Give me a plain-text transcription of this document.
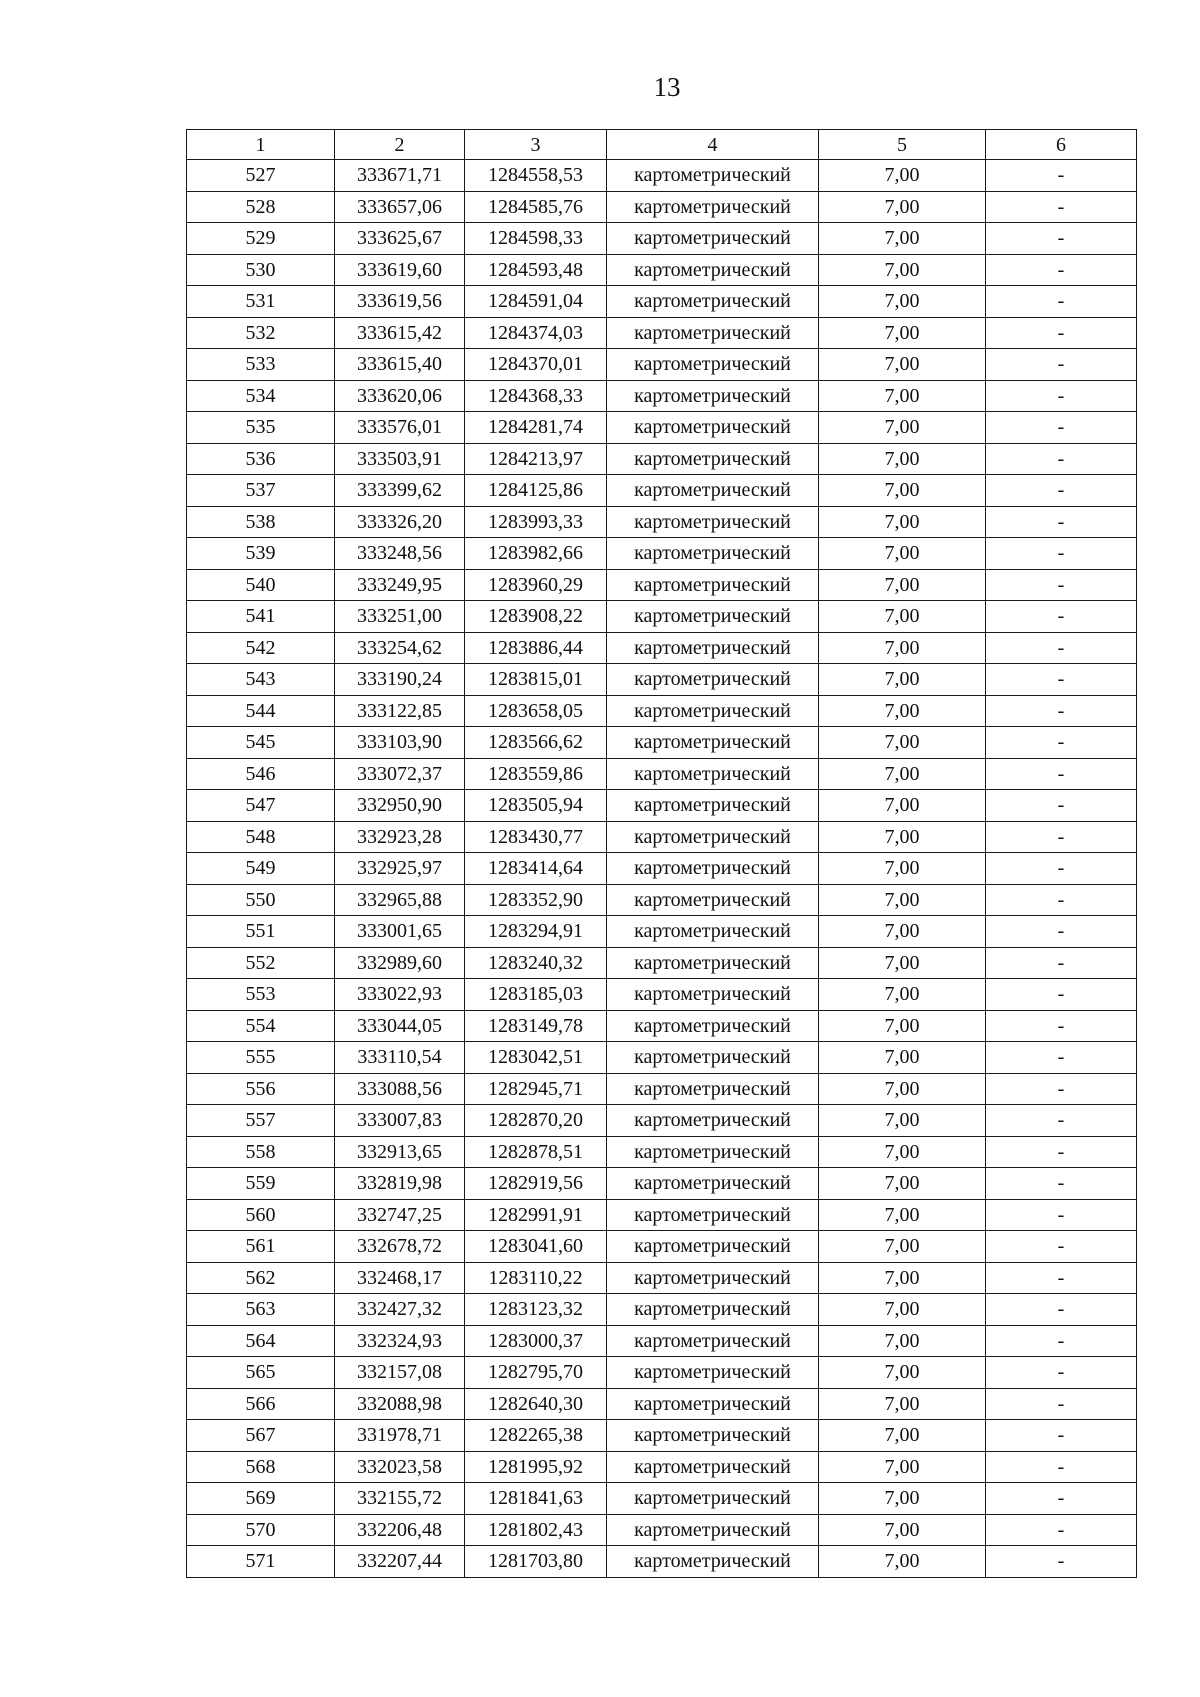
13
1	2	3	4	5	6
527	333671,71	1284558,53	картометрический	7,00	-
528	333657,06	1284585,76	картометрический	7,00	-
529	333625,67	1284598,33	картометрический	7,00	-
530	333619,60	1284593,48	картометрический	7,00	-
531	333619,56	1284591,04	картометрический	7,00	-
532	333615,42	1284374,03	картометрический	7,00	-
533	333615,40	1284370,01	картометрический	7,00	-
534	333620,06	1284368,33	картометрический	7,00	-
535	333576,01	1284281,74	картометрический	7,00	-
536	333503,91	1284213,97	картометрический	7,00	-
537	333399,62	1284125,86	картометрический	7,00	-
538	333326,20	1283993,33	картометрический	7,00	-
539	333248,56	1283982,66	картометрический	7,00	-
540	333249,95	1283960,29	картометрический	7,00	-
541	333251,00	1283908,22	картометрический	7,00	-
542	333254,62	1283886,44	картометрический	7,00	-
543	333190,24	1283815,01	картометрический	7,00	-
544	333122,85	1283658,05	картометрический	7,00	-
545	333103,90	1283566,62	картометрический	7,00	-
546	333072,37	1283559,86	картометрический	7,00	-
547	332950,90	1283505,94	картометрический	7,00	-
548	332923,28	1283430,77	картометрический	7,00	-
549	332925,97	1283414,64	картометрический	7,00	-
550	332965,88	1283352,90	картометрический	7,00	-
551	333001,65	1283294,91	картометрический	7,00	-
552	332989,60	1283240,32	картометрический	7,00	-
553	333022,93	1283185,03	картометрический	7,00	-
554	333044,05	1283149,78	картометрический	7,00	-
555	333110,54	1283042,51	картометрический	7,00	-
556	333088,56	1282945,71	картометрический	7,00	-
557	333007,83	1282870,20	картометрический	7,00	-
558	332913,65	1282878,51	картометрический	7,00	-
559	332819,98	1282919,56	картометрический	7,00	-
560	332747,25	1282991,91	картометрический	7,00	-
561	332678,72	1283041,60	картометрический	7,00	-
562	332468,17	1283110,22	картометрический	7,00	-
563	332427,32	1283123,32	картометрический	7,00	-
564	332324,93	1283000,37	картометрический	7,00	-
565	332157,08	1282795,70	картометрический	7,00	-
566	332088,98	1282640,30	картометрический	7,00	-
567	331978,71	1282265,38	картометрический	7,00	-
568	332023,58	1281995,92	картометрический	7,00	-
569	332155,72	1281841,63	картометрический	7,00	-
570	332206,48	1281802,43	картометрический	7,00	-
571	332207,44	1281703,80	картометрический	7,00	-
